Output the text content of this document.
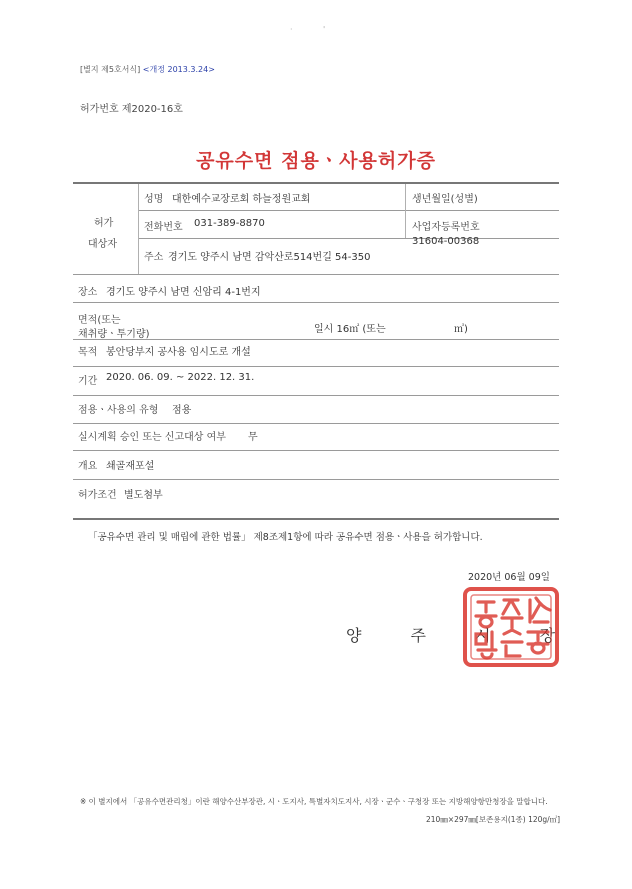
·            '
[별지 제5호서식] <개정 2013.3.24>
허가번호 제2020-16호
공유수면 점용ㆍ사용허가증
허가
대상자
성명 대한예수교장로회 하늘정원교회	생년월일(성별)
전화번호 031-389-8870	사업자등록번호
31604-00368
주소 경기도 양주시 남면 감악산로514번길 54-350
장소 경기도 양주시 남면 신암리 4-1번지
면적(또는
채취량ㆍ투기량)	일시 16㎡ (또는	㎥)
목적 봉안당부지 공사용 임시도로 개설
기간 2020. 06. 09. ~ 2022. 12. 31.
점용ㆍ사용의 유형 점용
실시계획 승인 또는 신고대상 여부 무
개요 쇄골재포설
허가조건 별도첨부
「공유수면 관리 및 매립에 관한 법률」 제8조제1항에 따라 공유수면 점용ㆍ사용을 허가합니다.
2020년 06월 09일
양 주 시 장
※ 이 별지에서 「공유수면관리청」이란 해양수산부장관, 시ㆍ도지사, 특별자치도지사, 시장ㆍ군수ㆍ구청장 또는 지방해양항만청장을 말합니다.
210㎜×297㎜[보존용지(1종) 120g/㎡]
